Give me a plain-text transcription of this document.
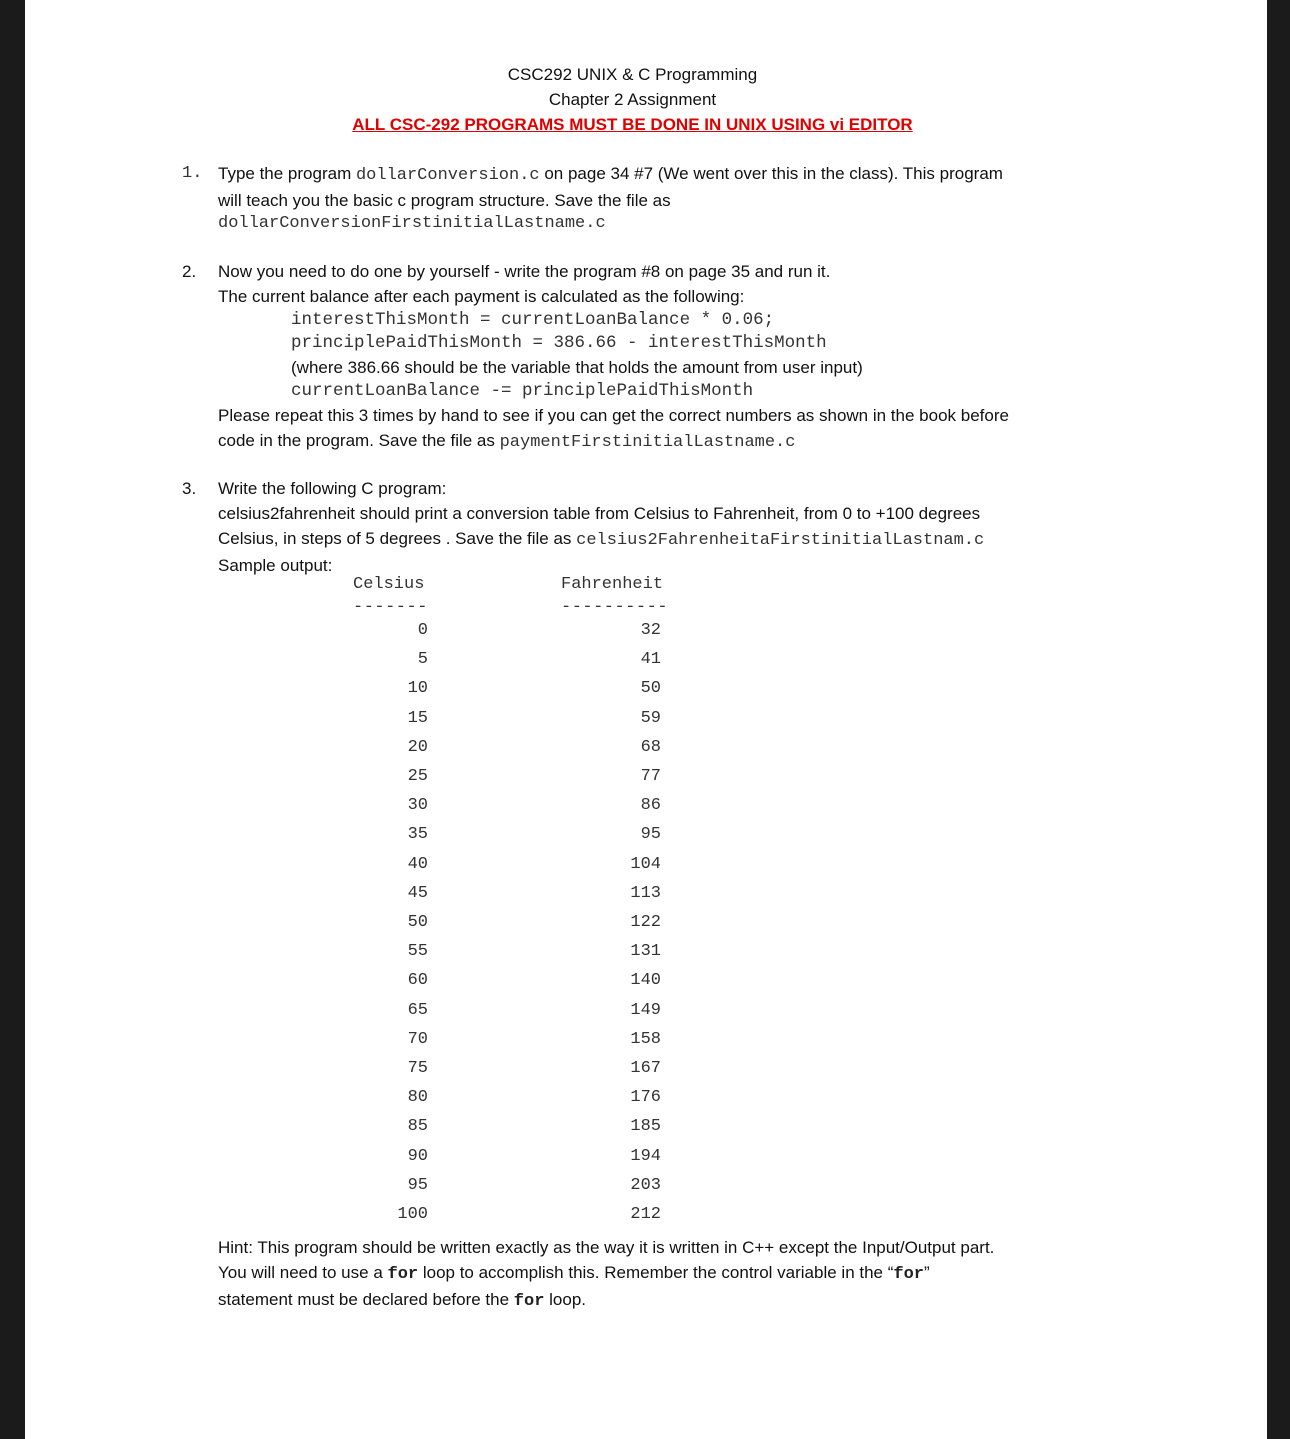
CSC292 UNIX & C Programming
Chapter 2 Assignment
ALL CSC-292 PROGRAMS MUST BE DONE IN UNIX USING vi EDITOR
1. Type the program dollarConversion.c on page 34 #7 (We went over this in the class). This program
will teach you the basic c program structure. Save the file as
dollarConversionFirstinitialLastname.c
2. Now you need to do one by yourself - write the program #8 on page 35 and run it.
The current balance after each payment is calculated as the following:
interestThisMonth = currentLoanBalance * 0.06;
principlePaidThisMonth = 386.66 - interestThisMonth
(where 386.66 should be the variable that holds the amount from user input)
currentLoanBalance -= principlePaidThisMonth
Please repeat this 3 times by hand to see if you can get the correct numbers as shown in the book before
code in the program. Save the file as paymentFirstinitialLastname.c
3. Write the following C program:
celsius2fahrenheit should print a conversion table from Celsius to Fahrenheit, from 0 to +100 degrees
Celsius, in steps of 5 degrees . Save the file as celsius2FahrenheitaFirstinitialLastnam.c
Sample output:
Celsius	Fahrenheit
-------	----------
0	32
5	41
10	50
15	59
20	68
25	77
30	86
35	95
40	104
45	113
50	122
55	131
60	140
65	149
70	158
75	167
80	176
85	185
90	194
95	203
100	212
Hint: This program should be written exactly as the way it is written in C++ except the Input/Output part.
You will need to use a for loop to accomplish this. Remember the control variable in the “for”
statement must be declared before the for loop.
